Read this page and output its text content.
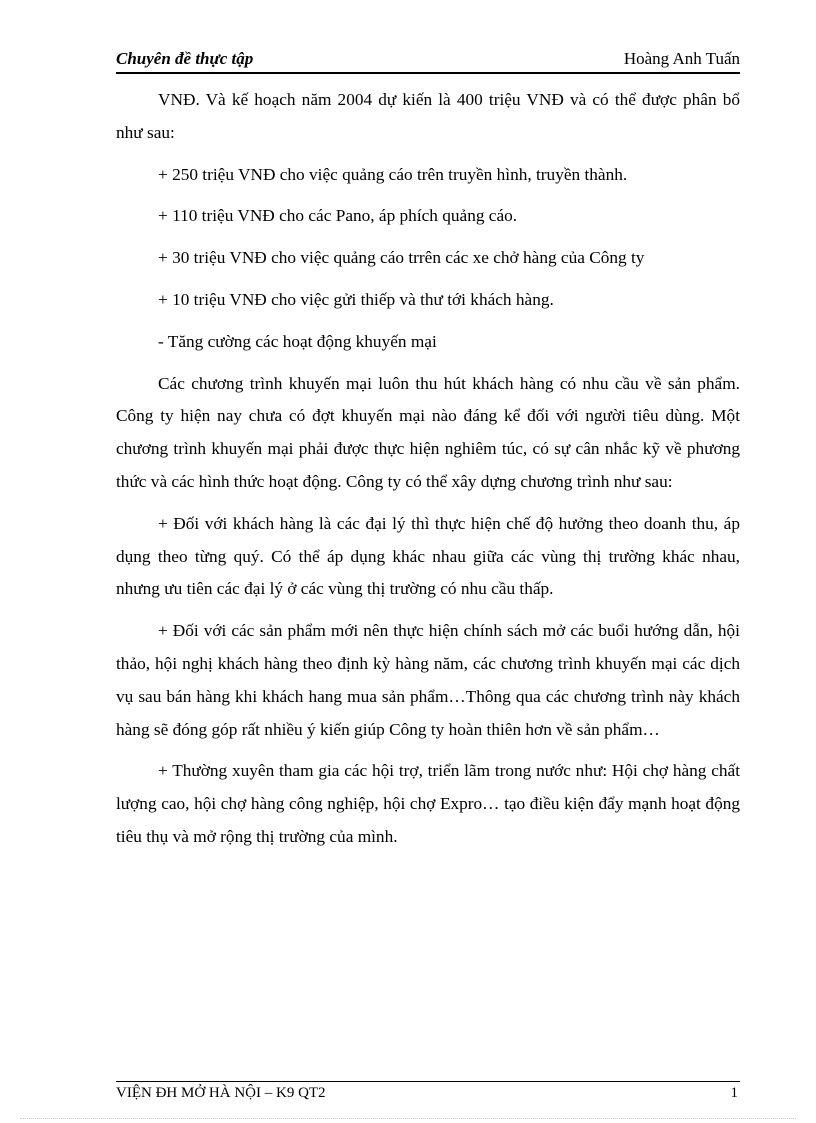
Chuyên đề thực tập	Hoàng Anh Tuấn

VNĐ. Và kế hoạch năm 2004 dự kiến là 400 triệu VNĐ và có thể được phân bổ như sau:

+ 250 triệu VNĐ cho việc quảng cáo trên truyền hình, truyền thành.

+ 110 triệu VNĐ cho các Pano, áp phích quảng cáo.

+ 30 triệu VNĐ cho việc quảng cáo trrên các xe chở hàng của Công ty

+ 10 triệu VNĐ cho việc gửi thiếp và thư tới khách hàng.

- Tăng cường các hoạt động khuyến mại

Các chương trình khuyến mại luôn thu hút khách hàng có nhu cầu về sản phẩm. Công ty hiện nay chưa có đợt khuyến mại nào đáng kể đối với người tiêu dùng. Một chương trình khuyến mại phải được thực hiện nghiêm túc, có sự cân nhắc kỹ về phương thức và các hình thức hoạt động. Công ty có thể xây dựng chương trình như sau:

+ Đối với khách hàng là các đại lý thì thực hiện chế độ hưởng theo doanh thu, áp dụng theo từng quý. Có thể áp dụng khác nhau giữa các vùng thị trường khác nhau, nhưng ưu tiên các đại lý ở các vùng thị trường có nhu cầu thấp.

+ Đối với các sản phẩm mới nên thực hiện chính sách mở các buổi hướng dẫn, hội thảo, hội nghị khách hàng theo định kỳ hàng năm, các chương trình khuyến mại các dịch vụ sau bán hàng khi khách hang mua sản phẩm…Thông qua các chương trình này khách hàng sẽ đóng góp rất nhiều ý kiến giúp Công ty hoàn thiên hơn về sản phẩm…

+ Thường xuyên tham gia các hội trợ, triển lãm trong nước như: Hội chợ hàng chất lượng cao, hội chợ hàng công nghiệp, hội chợ Expro… tạo điều kiện đẩy mạnh hoạt động tiêu thụ và mở rộng thị trường của mình.

VIỆN ĐH MỞ HÀ NỘI – K9 QT2	1
